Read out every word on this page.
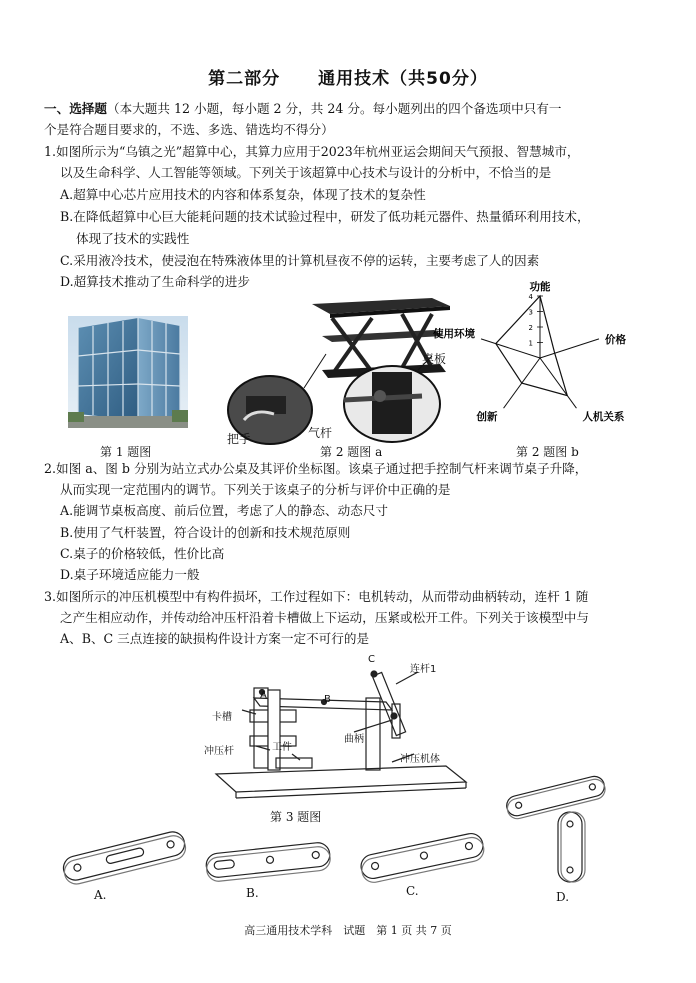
第二部分 通用技术（共50分）
一、选择题（本大题共 12 小题，每小题 2 分，共 24 分。每小题列出的四个备选项中只有一
个是符合题目要求的，不选、多选、错选均不得分）
1.如图所示为“乌镇之光”超算中心，其算力应用于2023年杭州亚运会期间天气预报、智慧城市，
以及生命科学、人工智能等领域。下列关于该超算中心技术与设计的分析中，不恰当的是
A.超算中心芯片应用技术的内容和体系复杂，体现了技术的复杂性
B.在降低超算中心巨大能耗问题的技术试验过程中，研发了低功耗元器件、热量循环利用技术，
体现了技术的实践性
C.采用液冷技术，使浸泡在特殊液体里的计算机昼夜不停的运转，主要考虑了人的因素
D.超算技术推动了生命科学的进步
第 1 题图
桌板
把手	气杆
第 2 题图 a
1
2
3
4
功能
价格
人机关系
创新
使用环境
第 2 题图 b
2.如图 a、图 b 分别为站立式办公桌及其评价坐标图。该桌子通过把手控制气杆来调节桌子升降，
从而实现一定范围内的调节。下列关于该桌子的分析与评价中正确的是
A.能调节桌板高度、前后位置，考虑了人的静态、动态尺寸
B.使用了气杆装置，符合设计的创新和技术规范原则
C.桌子的价格较低，性价比高
D.桌子环境适应能力一般
3.如图所示的冲压机模型中有构件损坏，工作过程如下：电机转动，从而带动曲柄转动，连杆 1 随
之产生相应动作，并传动给冲压杆沿着卡槽做上下运动，压紧或松开工件。下列关于该模型中与
A、B、C 三点连接的缺损构件设计方案一定不可行的是
C
连杆1
A	B
卡槽
曲柄
工件
冲压杆
冲压机体
第 3 题图
A.	B.	C.	D.
高三通用技术学科　试题　第 1 页 共 7 页
